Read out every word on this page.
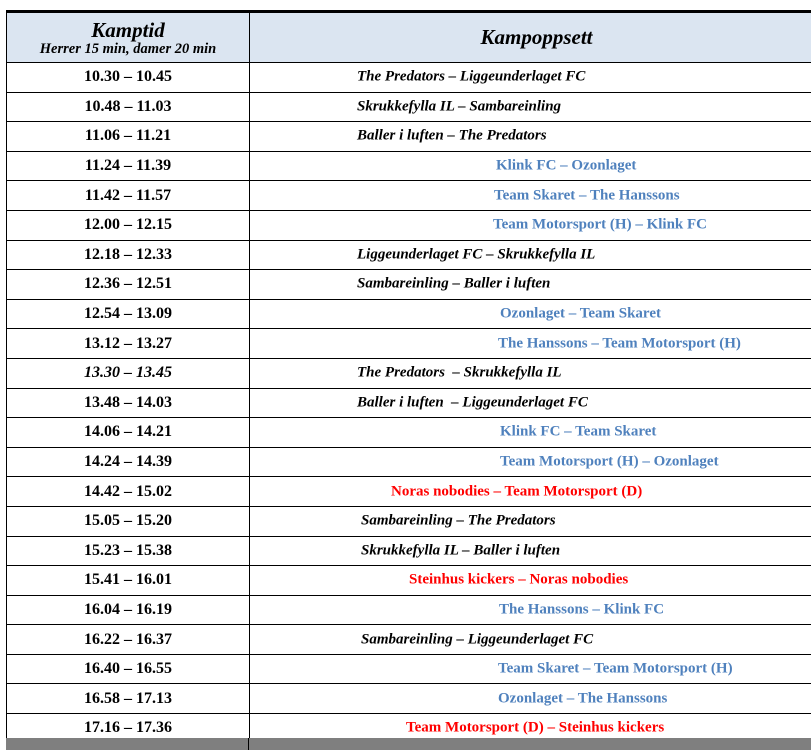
Kamptid
Herrer 15 min, damer 20 min	Kampoppsett
10.30 – 10.45	The Predators – Liggeunderlaget FC

10.48 – 11.03	Skrukkefylla IL – Sambareinling

11.06 – 11.21	Baller i luften – The Predators

11.24 – 11.39	Klink FC – Ozonlaget

11.42 – 11.57	Team Skaret – The Hanssons

12.00 – 12.15	Team Motorsport (H) – Klink FC

12.18 – 12.33	Liggeunderlaget FC – Skrukkefylla IL

12.36 – 12.51	Sambareinling – Baller i luften

12.54 – 13.09	Ozonlaget – Team Skaret

13.12 – 13.27	The Hanssons – Team Motorsport (H)

13.30 – 13.45	The Predators  – Skrukkefylla IL

13.48 – 14.03	Baller i luften  – Liggeunderlaget FC

14.06 – 14.21	Klink FC – Team Skaret

14.24 – 14.39	Team Motorsport (H) – Ozonlaget

14.42 – 15.02	Noras nobodies – Team Motorsport (D)

15.05 – 15.20	Sambareinling – The Predators

15.23 – 15.38	Skrukkefylla IL – Baller i luften

15.41 – 16.01	Steinhus kickers – Noras nobodies

16.04 – 16.19	The Hanssons – Klink FC

16.22 – 16.37	Sambareinling – Liggeunderlaget FC

16.40 – 16.55	Team Skaret – Team Motorsport (H)

16.58 – 17.13	Ozonlaget – The Hanssons

17.16 – 17.36	Team Motorsport (D) – Steinhus kickers
